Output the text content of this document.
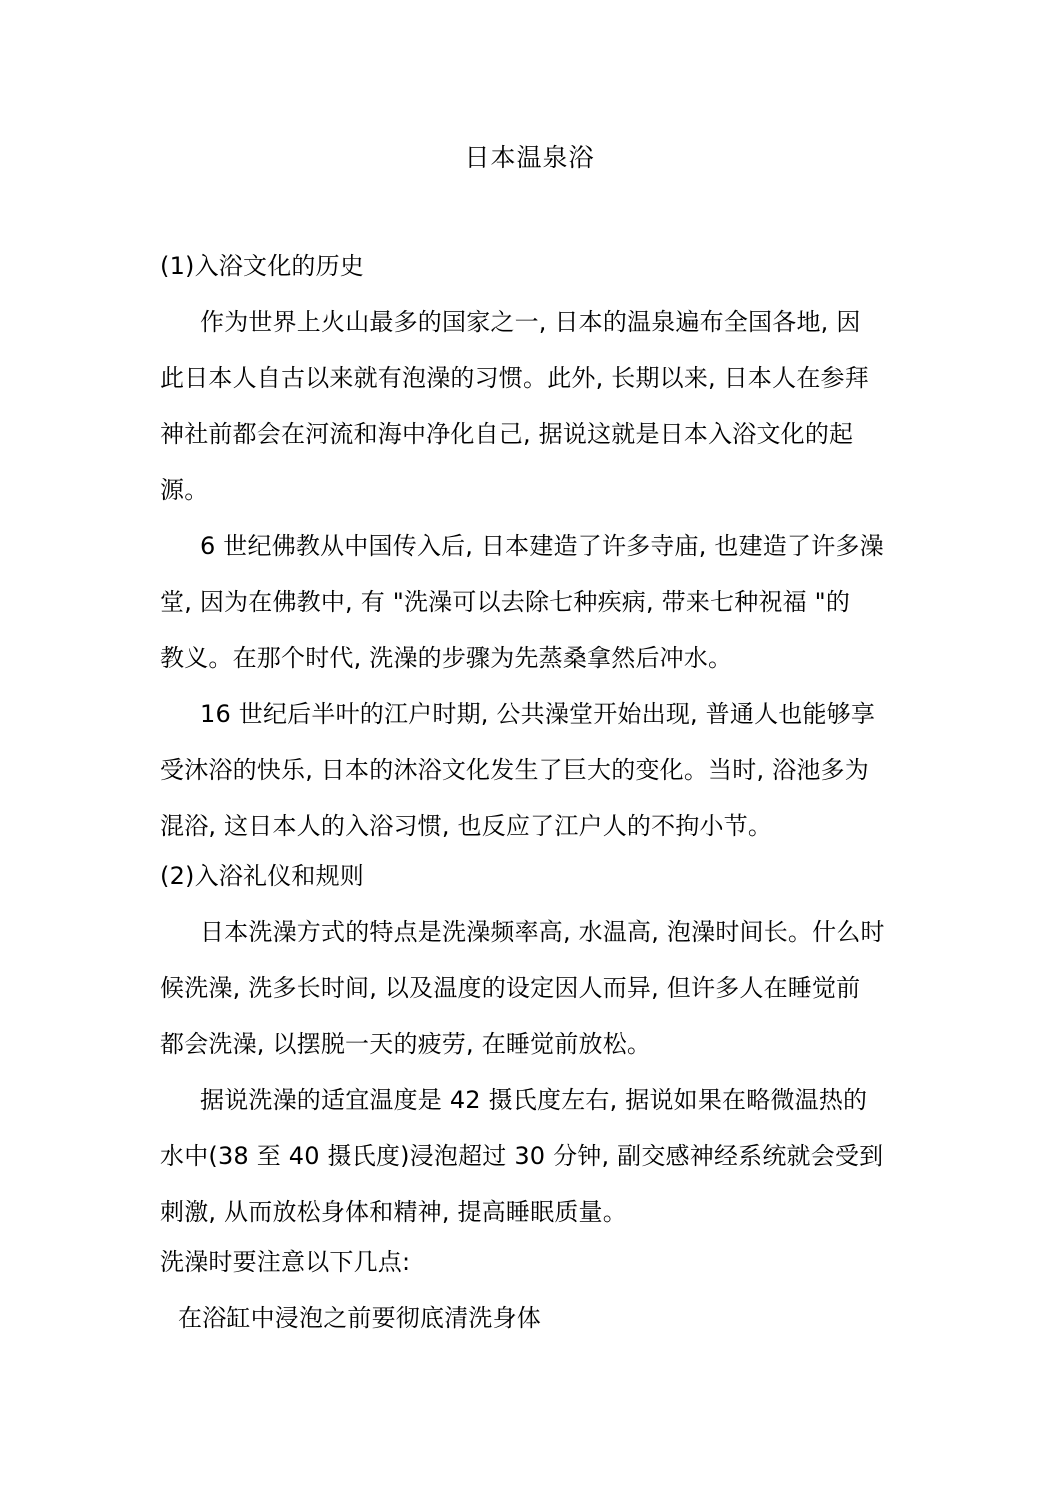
日本温泉浴
(1)入浴文化的历史
作为世界上火山最多的国家之一, 日本的温泉遍布全国各地, 因
此日本人自古以来就有泡澡的习惯。此外, 长期以来, 日本人在参拜
神社前都会在河流和海中净化自己, 据说这就是日本入浴文化的起
源。
6 世纪佛教从中国传入后, 日本建造了许多寺庙, 也建造了许多澡
堂, 因为在佛教中, 有 "洗澡可以去除七种疾病, 带来七种祝福 "的
教义。在那个时代, 洗澡的步骤为先蒸桑拿然后冲水。
16 世纪后半叶的江户时期, 公共澡堂开始出现, 普通人也能够享
受沐浴的快乐, 日本的沐浴文化发生了巨大的变化。当时, 浴池多为
混浴, 这日本人的入浴习惯, 也反应了江户人的不拘小节。
(2)入浴礼仪和规则
日本洗澡方式的特点是洗澡频率高, 水温高, 泡澡时间长。什么时
候洗澡, 洗多长时间, 以及温度的设定因人而异, 但许多人在睡觉前
都会洗澡, 以摆脱一天的疲劳, 在睡觉前放松。
据说洗澡的适宜温度是 42 摄氏度左右, 据说如果在略微温热的
水中(38 至 40 摄氏度)浸泡超过 30 分钟, 副交感神经系统就会受到
刺激, 从而放松身体和精神, 提高睡眠质量。
洗澡时要注意以下几点:
在浴缸中浸泡之前要彻底清洗身体
